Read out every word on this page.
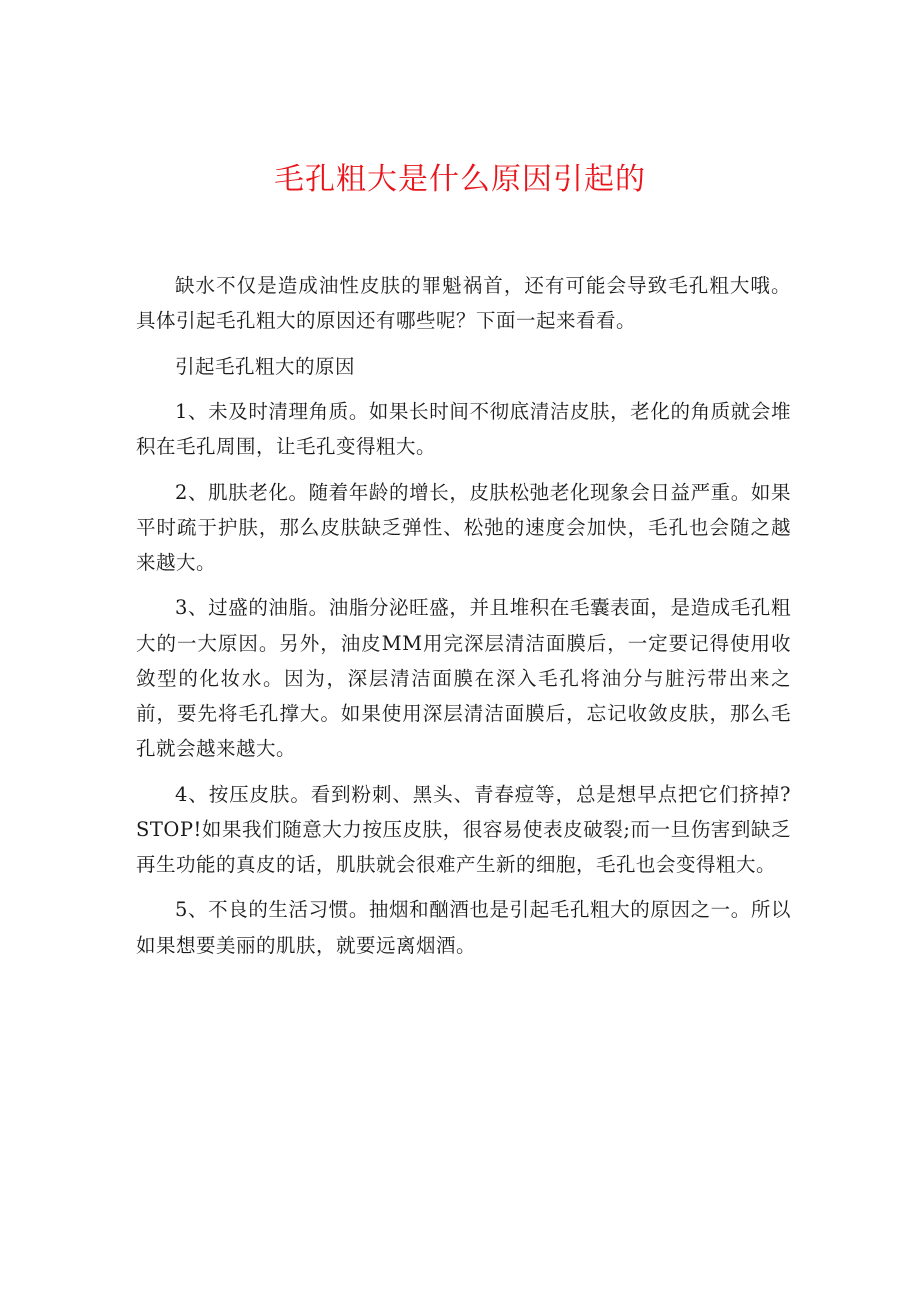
毛孔粗大是什么原因引起的

缺水不仅是造成油性皮肤的罪魁祸首，还有可能会导致毛孔粗大哦。具体引起毛孔粗大的原因还有哪些呢？下面一起来看看。

引起毛孔粗大的原因

1、未及时清理角质。如果长时间不彻底清洁皮肤，老化的角质就会堆积在毛孔周围，让毛孔变得粗大。

2、肌肤老化。随着年龄的增长，皮肤松弛老化现象会日益严重。如果平时疏于护肤，那么皮肤缺乏弹性、松弛的速度会加快，毛孔也会随之越来越大。

3、过盛的油脂。油脂分泌旺盛，并且堆积在毛囊表面，是造成毛孔粗大的一大原因。另外，油皮MM用完深层清洁面膜后，一定要记得使用收敛型的化妆水。因为，深层清洁面膜在深入毛孔将油分与脏污带出来之前，要先将毛孔撑大。如果使用深层清洁面膜后，忘记收敛皮肤，那么毛孔就会越来越大。

4、按压皮肤。看到粉刺、黑头、青春痘等，总是想早点把它们挤掉?STOP!如果我们随意大力按压皮肤，很容易使表皮破裂;而一旦伤害到缺乏再生功能的真皮的话，肌肤就会很难产生新的细胞，毛孔也会变得粗大。

5、不良的生活习惯。抽烟和酗酒也是引起毛孔粗大的原因之一。所以如果想要美丽的肌肤，就要远离烟酒。
